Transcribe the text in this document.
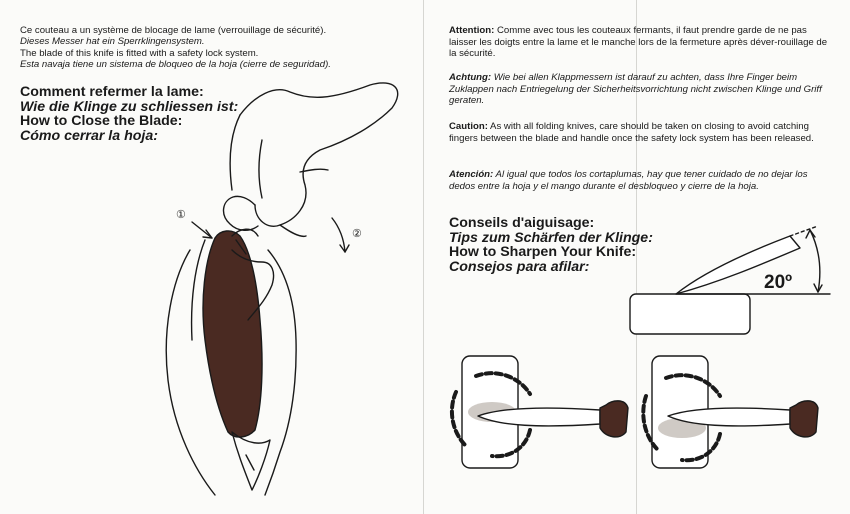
Ce couteau a un système de blocage de lame (verrouillage de sécurité).

Dieses Messer hat ein Sperrklingensystem.

The blade of this knife is fitted with a safety lock system.

Esta navaja tiene un sistema de bloqueo de la hoja (cierre de seguridad).

Comment refermer la lame:
Wie die Klinge zu schliessen ist:
How to Close the Blade:
Cómo cerrar la hoja:
Attention: Comme avec tous les couteaux fermants, il faut prendre garde de ne pas laisser les doigts entre la lame et le manche lors de la fermeture après déver-rouillage de la sécurité.
Achtung: Wie bei allen Klappmessern ist darauf zu achten, dass Ihre Finger beim Zuklappen nach Entriegelung der Sicherheitsvorrichtung nicht zwischen Klinge und Griff geraten.
Caution: As with all folding knives, care should be taken on closing to avoid catching fingers between the blade and handle once the safety lock system has been released.
Atención: Al igual que todos los cortaplumas, hay que tener cuidado de no dejar los dedos entre la hoja y el mango durante el desbloqueo y cierre de la hoja.
Conseils d'aiguisage:
Tips zum Schärfen der Klinge:
How to Sharpen Your Knife:
Consejos para afilar:
①
②
20º
